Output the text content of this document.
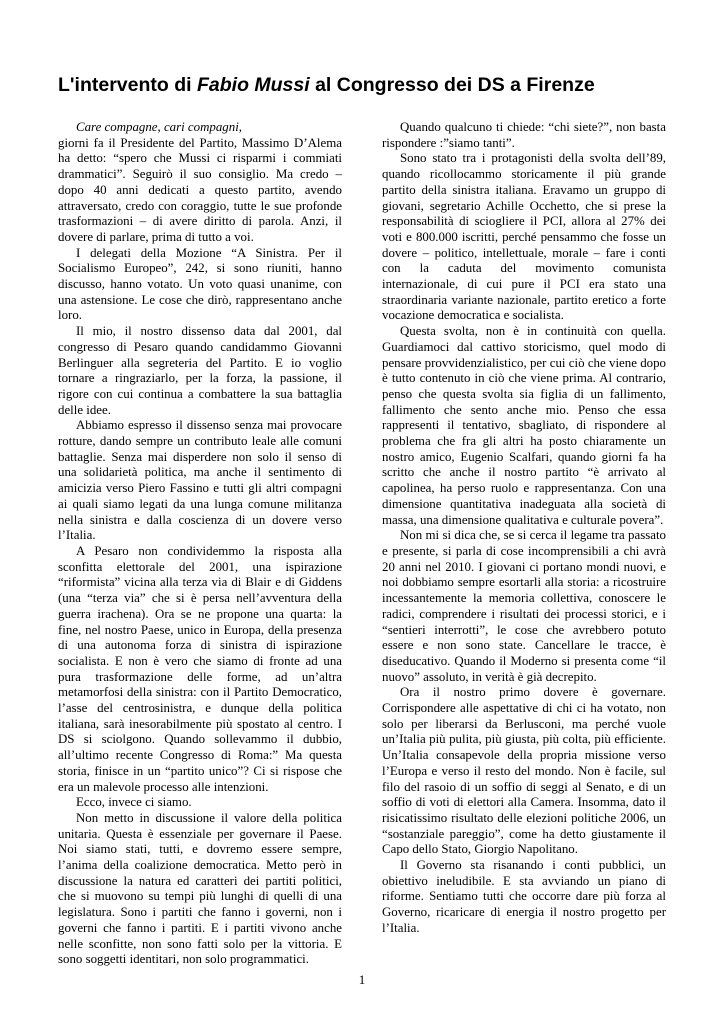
L'intervento di Fabio Mussi al Congresso dei DS a Firenze

Care compagne, cari compagni,

giorni fa il Presidente del Partito, Massimo D’Alema ha detto: “spero che Mussi ci risparmi i commiati drammatici”. Seguirò il suo consiglio. Ma credo – dopo 40 anni dedicati a questo partito, avendo attraversato, credo con coraggio, tutte le sue profonde trasformazioni – di avere diritto di parola. Anzi, il dovere di parlare, prima di tutto a voi.

I delegati della Mozione “A Sinistra. Per il Socialismo Europeo”, 242, si sono riuniti, hanno discusso, hanno votato. Un voto quasi unanime, con una astensione. Le cose che dirò, rappresentano anche loro.

Il mio, il nostro dissenso data dal 2001, dal congresso di Pesaro quando candidammo Giovanni Berlinguer alla segreteria del Partito. E io voglio tornare a ringraziarlo, per la forza, la passione, il rigore con cui continua a combattere la sua battaglia delle idee.

Abbiamo espresso il dissenso senza mai provocare rotture, dando sempre un contributo leale alle comuni battaglie. Senza mai disperdere non solo il senso di una solidarietà politica, ma anche il sentimento di amicizia verso Piero Fassino e tutti gli altri compagni ai quali siamo legati da una lunga comune militanza nella sinistra e dalla coscienza di un dovere verso l’Italia.

A Pesaro non condividemmo la risposta alla sconfitta elettorale del 2001, una ispirazione “riformista” vicina alla terza via di Blair e di Giddens (una “terza via” che si è persa nell’avventura della guerra irachena). Ora se ne propone una quarta: la fine, nel nostro Paese, unico in Europa, della presenza di una autonoma forza di sinistra di ispirazione socialista. E non è vero che siamo di fronte ad una pura trasformazione delle forme, ad un’altra metamorfosi della sinistra: con il Partito Democratico, l’asse del centrosinistra, e dunque della politica italiana, sarà inesorabilmente più spostato al centro. I DS si sciolgono. Quando sollevammo il dubbio, all’ultimo recente Congresso di Roma:” Ma questa storia, finisce in un “partito unico”? Ci si rispose che era un malevole processo alle intenzioni.

Ecco, invece ci siamo.

Non metto in discussione il valore della politica unitaria. Questa è essenziale per governare il Paese. Noi siamo stati, tutti, e dovremo essere sempre, l’anima della coalizione democratica. Metto però in discussione la natura ed caratteri dei partiti politici, che si muovono su tempi più lunghi di quelli di una legislatura. Sono i partiti che fanno i governi, non i governi che fanno i partiti. E i partiti vivono anche nelle sconfitte, non sono fatti solo per la vittoria. E sono soggetti identitari, non solo programmatici.

Quando qualcuno ti chiede: “chi siete?”, non basta rispondere :”siamo tanti”.

Sono stato tra i protagonisti della svolta dell’89, quando ricollocammo storicamente il più grande partito della sinistra italiana. Eravamo un gruppo di giovani, segretario Achille Occhetto, che si prese la responsabilità di sciogliere il PCI, allora al 27% dei voti e 800.000 iscritti, perché pensammo che fosse un dovere – politico, intellettuale, morale – fare i conti con la caduta del movimento comunista internazionale, di cui pure il PCI era stato una straordinaria variante nazionale, partito eretico a forte vocazione democratica e socialista.

Questa svolta, non è in continuità con quella. Guardiamoci dal cattivo storicismo, quel modo di pensare provvidenzialistico, per cui ciò che viene dopo è tutto contenuto in ciò che viene prima. Al contrario, penso che questa svolta sia figlia di un fallimento, fallimento che sento anche mio. Penso che essa rappresenti il tentativo, sbagliato, di rispondere al problema che fra gli altri ha posto chiaramente un nostro amico, Eugenio Scalfari, quando giorni fa ha scritto che anche il nostro partito “è arrivato al capolinea, ha perso ruolo e rappresentanza. Con una dimensione quantitativa inadeguata alla società di massa, una dimensione qualitativa e culturale povera”.

Non mi si dica che, se si cerca il legame tra passato e presente, si parla di cose incomprensibili a chi avrà 20 anni nel 2010. I giovani ci portano mondi nuovi, e noi dobbiamo sempre esortarli alla storia: a ricostruire incessantemente la memoria collettiva, conoscere le radici, comprendere i risultati dei processi storici, e i “sentieri interrotti”, le cose che avrebbero potuto essere e non sono state. Cancellare le tracce, è diseducativo. Quando il Moderno si presenta come “il nuovo” assoluto, in verità è già decrepito.

Ora il nostro primo dovere è governare. Corrispondere alle aspettative di chi ci ha votato, non solo per liberarsi da Berlusconi, ma perché vuole un’Italia più pulita, più giusta, più colta, più efficiente. Un’Italia consapevole della propria missione verso l’Europa e verso il resto del mondo. Non è facile, sul filo del rasoio di un soffio di seggi al Senato, e di un soffio di voti di elettori alla Camera. Insomma, dato il risicatissimo risultato delle elezioni politiche 2006, un “sostanziale pareggio”, come ha detto giustamente il Capo dello Stato, Giorgio Napolitano.

Il Governo sta risanando i conti pubblici, un obiettivo ineludibile. E sta avviando un piano di riforme. Sentiamo tutti che occorre dare più forza al Governo, ricaricare di energia il nostro progetto per l’Italia.

1
